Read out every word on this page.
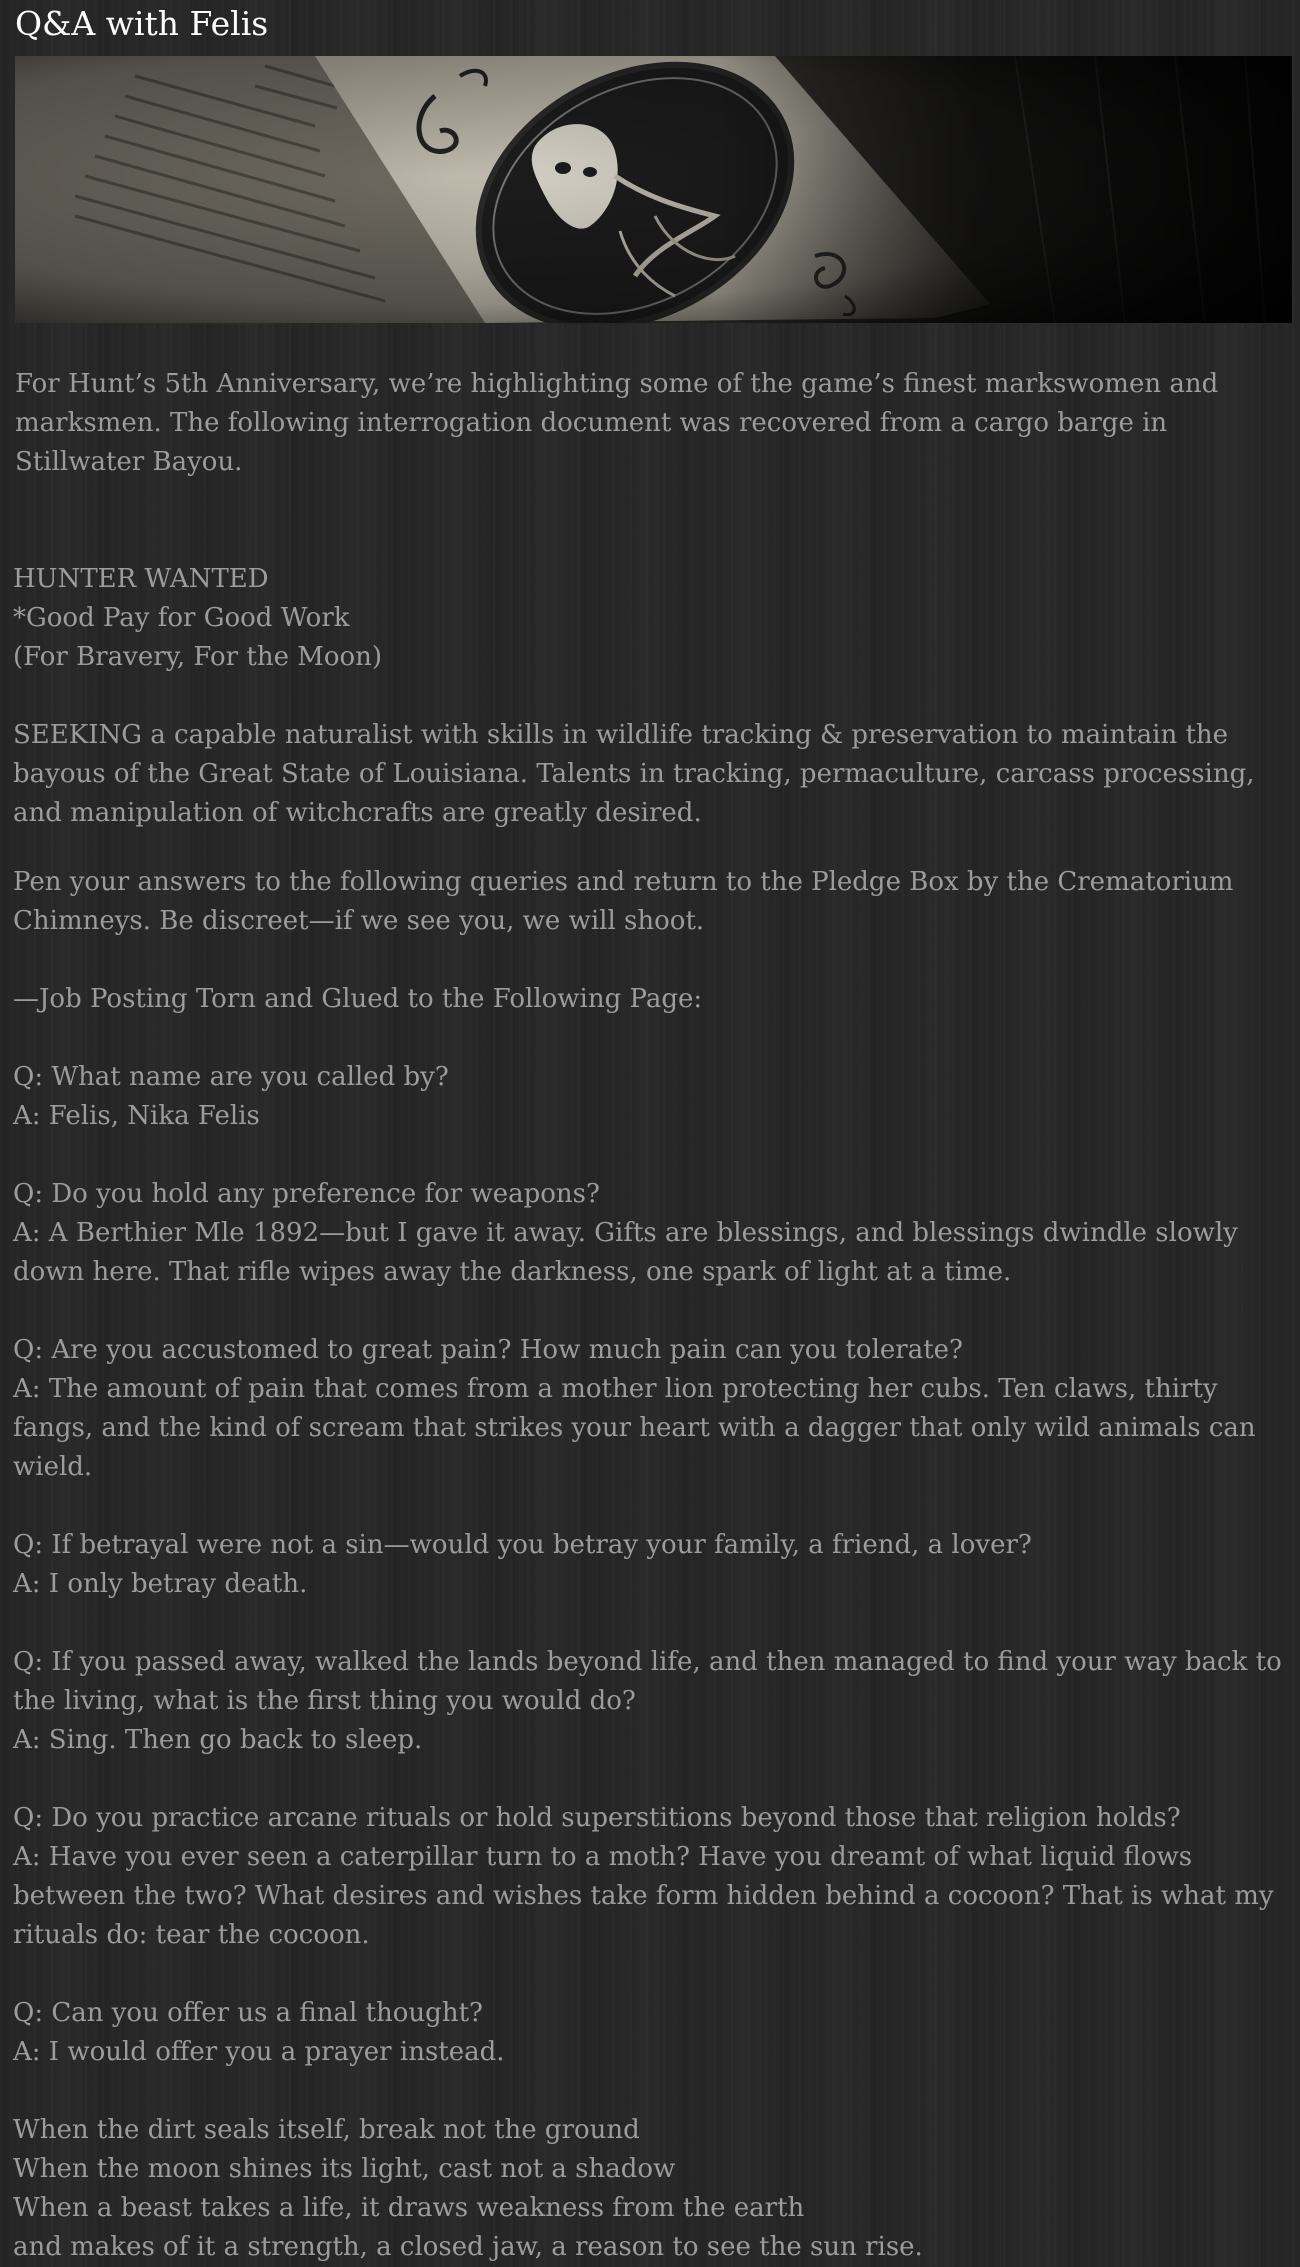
Q&A with Felis

For Hunt’s 5th Anniversary, we’re highlighting some of the game’s finest markswomen and marksmen. The following interrogation document was recovered from a cargo barge in Stillwater Bayou.

HUNTER WANTED
*Good Pay for Good Work
(For Bravery, For the Moon)

SEEKING a capable naturalist with skills in wildlife tracking & preservation to maintain the bayous of the Great State of Louisiana. Talents in tracking, permaculture, carcass processing, and manipulation of witchcrafts are greatly desired.

Pen your answers to the following queries and return to the Pledge Box by the Crematorium Chimneys. Be discreet—if we see you, we will shoot.

—Job Posting Torn and Glued to the Following Page:

Q: What name are you called by?

A: Felis, Nika Felis

Q: Do you hold any preference for weapons?

A: A Berthier Mle 1892—but I gave it away. Gifts are blessings, and blessings dwindle slowly down here. That rifle wipes away the darkness, one spark of light at a time.

Q: Are you accustomed to great pain? How much pain can you tolerate?

A: The amount of pain that comes from a mother lion protecting her cubs. Ten claws, thirty fangs, and the kind of scream that strikes your heart with a dagger that only wild animals can wield.

Q: If betrayal were not a sin—would you betray your family, a friend, a lover?

A: I only betray death.

Q: If you passed away, walked the lands beyond life, and then managed to find your way back to the living, what is the first thing you would do?

A: Sing. Then go back to sleep.

Q: Do you practice arcane rituals or hold superstitions beyond those that religion holds?

A: Have you ever seen a caterpillar turn to a moth? Have you dreamt of what liquid flows between the two? What desires and wishes take form hidden behind a cocoon? That is what my rituals do: tear the cocoon.

Q: Can you offer us a final thought?

A: I would offer you a prayer instead.

When the dirt seals itself, break not the ground
When the moon shines its light, cast not a shadow
When a beast takes a life, it draws weakness from the earth
and makes of it a strength, a closed jaw, a reason to see the sun rise.
